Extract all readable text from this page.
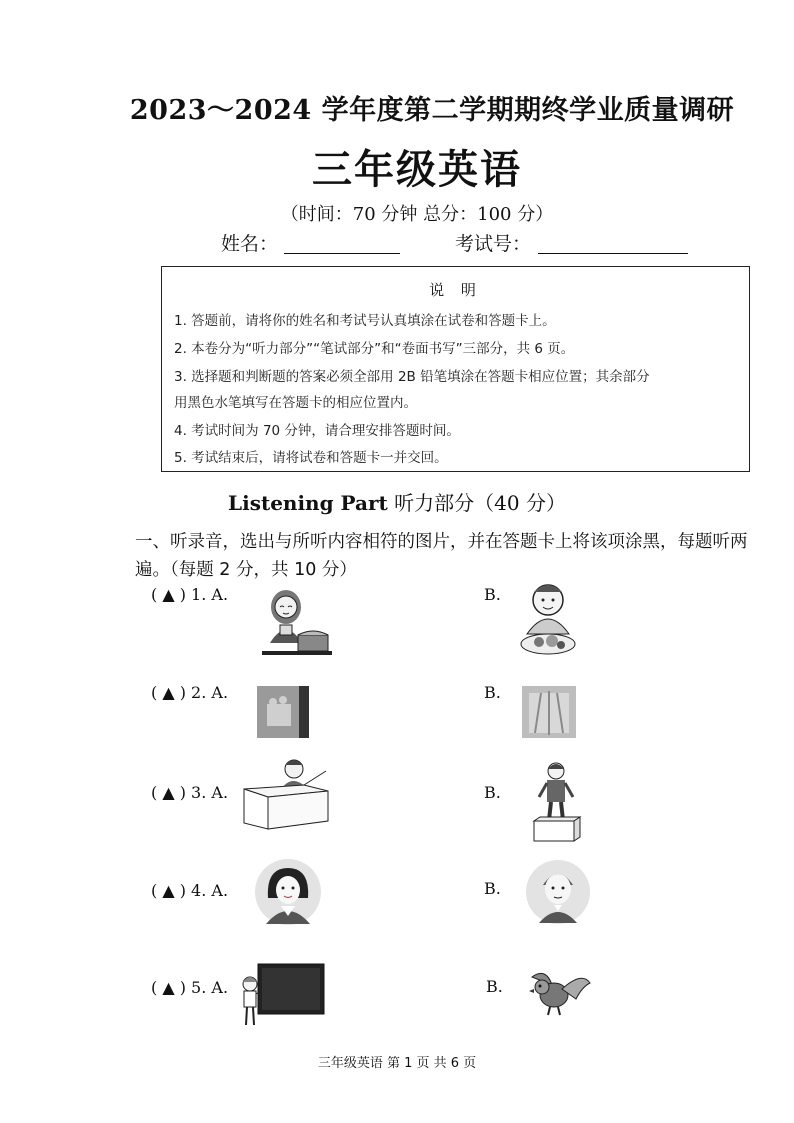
2023～2024 学年度第二学期期终学业质量调研
三年级英语
（时间：70 分钟 总分：100 分）
姓名：	考试号：
说 明
1. 答题前，请将你的姓名和考试号认真填涂在试卷和答题卡上。
2. 本卷分为“听力部分”“笔试部分”和“卷面书写”三部分，共 6 页。
3. 选择题和判断题的答案必须全部用 2B 铅笔填涂在答题卡相应位置；其余部分
用黑色水笔填写在答题卡的相应位置内。
4. 考试时间为 70 分钟，请合理安排答题时间。
5. 考试结束后，请将试卷和答题卡一并交回。
Listening Part 听力部分（40 分）
一、听录音，选出与所听内容相符的图片，并在答题卡上将该项涂黑，每题听两遍。（每题 2 分，共 10 分）
( ▲ ) 1. A.	B.
( ▲ ) 2. A.	B.
( ▲ ) 3. A.	B.
( ▲ ) 4. A.	B.
( ▲ ) 5. A.	B.
三年级英语 第 1 页 共 6 页
